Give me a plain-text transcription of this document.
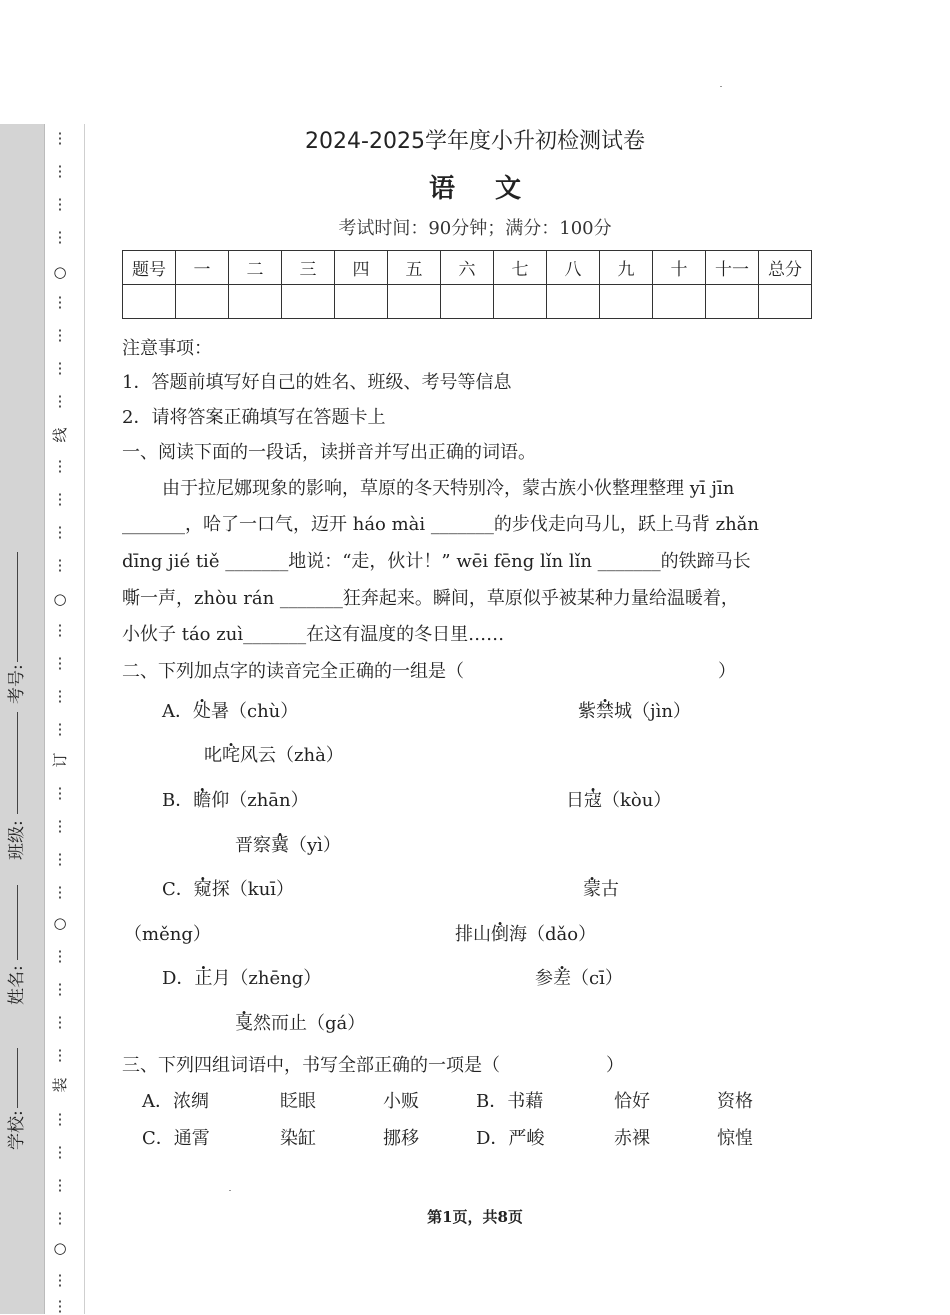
⋮
⋮
⋮
⋮
○
⋮
⋮
⋮
⋮
线
⋮
⋮
⋮
⋮
○
⋮
⋮
⋮
⋮
订
⋮
⋮
⋮
⋮
○
⋮
⋮
⋮
⋮
装
⋮
⋮
⋮
⋮
○
⋮
⋮
学校:
姓名:
班级:
考号:
2024-2025学年度小升初检测试卷
语文
考试时间：90分钟；满分：100分
题号	一	二	三	四	五	六	七	八	九	十	十一	总分

注意事项：
1．答题前填写好自己的姓名、班级、考号等信息
2．请将答案正确填写在答题卡上
一、阅读下面的一段话，读拼音并写出正确的词语。
由于拉尼娜现象的影响，草原的冬天特别冷，蒙古族小伙整理整理 yī jīn
_______，哈了一口气，迈开 háo mài _______的步伐走向马儿，跃上马背 zhǎn
dīng jié tiě _______地说：“走，伙计！” wēi fēng lǐn lǐn _______的铁蹄马长
嘶一声，zhòu rán _______狂奔起来。瞬间，草原似乎被某种力量给温暖着，
小伙子 táo zuì_______在这有温度的冬日里……
二、下列加点字的读音完全正确的一组是（	）
A．处暑（chù）	紫禁城（jìn）
叱咤风云（zhà）
B．瞻仰（zhān）	日寇（kòu）
晋察冀（yì）
C．窥探（kuī）	蒙古
（měng）	排山倒海（dǎo）
D．正月（zhēng）	参差（cī）
戛然而止（gá）
三、下列四组词语中，书写全部正确的一项是（	）
A．浓绸	眨眼	小贩	B．书藉	恰好	资格
C．通霄	染缸	挪移	D．严峻	赤裸	惊惶
第1页，共8页
